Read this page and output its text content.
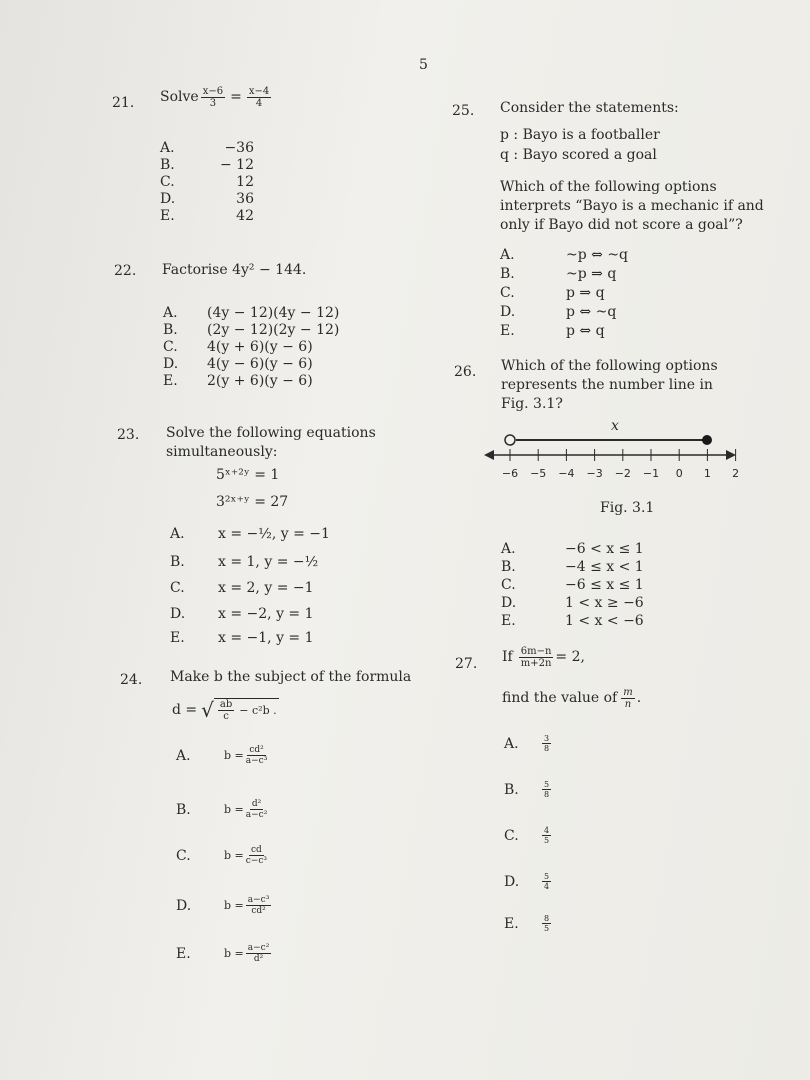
5
21. Solve $\frac{x-6}{3} = \frac{x-4}{4}$
A.	−36
B.	− 12
C.	12
D.	36
E.	42
22. Factorise 4y² − 144.
A.	(4y − 12)(4y − 12)
B.	(2y − 12)(2y − 12)
C.	4(y + 6)(y − 6)
D.	4(y − 6)(y − 6)
E.	2(y + 6)(y − 6)
23. Solve the following equations
simultaneously:
5ˣ⁺²ʸ = 1
3²ˣ⁺ʸ = 27
A.	x = −½, y = −1
B.	x = 1, y = −½
C.	x = 2, y = −1
D.	x = −2, y = 1
E.	x = −1, y = 1
24. Make b the subject of the formula
d = √ $\frac{ab}{c} - c^2b$ .
A.	$b = \frac{\text{cd²}}{\text{a−c³}}$
B.	$b = \frac{\text{d²}}{\text{a−c²}}$
C.	$b = \frac{cd}{\text{c−c³}}$
D.	$b = \frac{\text{a−c³}}{\text{cd²}}$
E.	$b = \frac{\text{a−c²}}{\text{d²}}$
25. Consider the statements:
p : Bayo is a footballer
q : Bayo scored a goal
Which of the following options
interprets “Bayo is a mechanic if and
only if Bayo did not score a goal”?
A.	~p ⇔ ~q
B.	~p ⇒ q
C.	p ⇒ q
D.	p ⇔ ~q
E.	p ⇔ q
26. Which of the following options
represents the number line in
Fig. 3.1?
x
−6 −5 −4 −3 −2 −1 0 1 2
Fig. 3.1
A.	−6 < x ≤ 1
B.	−4 ≤ x < 1
C.	−6 ≤ x ≤ 1
D.	1 < x ≥ −6
E.	1 < x < −6
27. If $\frac{6m-n}{m+2n} = 2$,
find the value of $\frac{m}{n}$ .
A.	$\frac{3}{8}$
B.	$\frac{5}{8}$
C.	$\frac{4}{5}$
D.	$\frac{5}{4}$
E.	$\frac{8}{5}$
